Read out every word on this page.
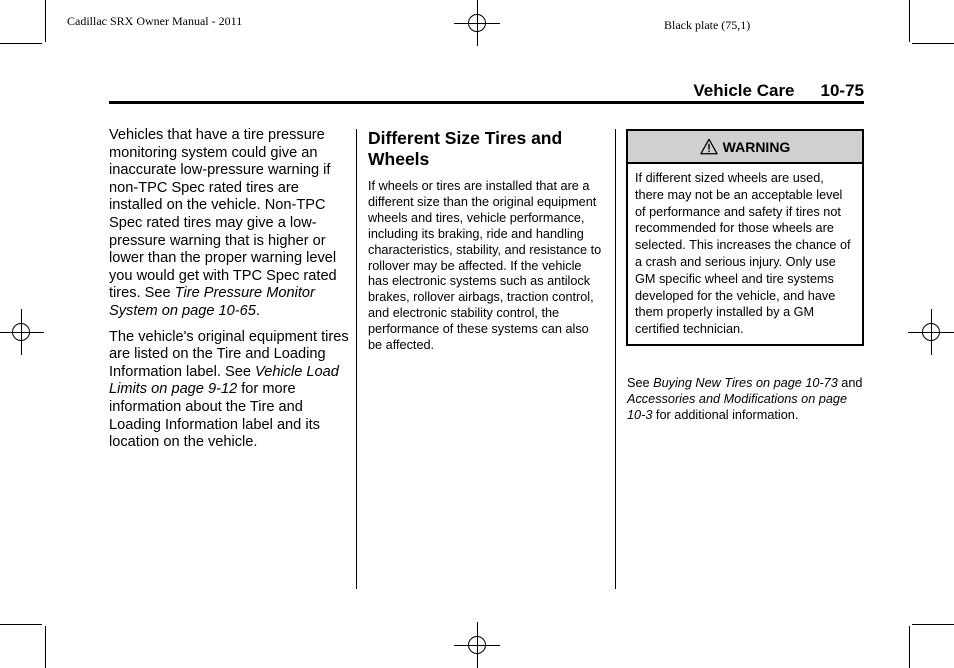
Cadillac SRX Owner Manual - 2011	Black plate (75,1)
Vehicle Care 10-75

Vehicles that have a tire pressure monitoring system could give an inaccurate low-pressure warning if non-TPC Spec rated tires are installed on the vehicle. Non-TPC Spec rated tires may give a low-pressure warning that is higher or lower than the proper warning level you would get with TPC Spec rated tires. See Tire Pressure Monitor System on page 10-65.

The vehicle's original equipment tires are listed on the Tire and Loading Information label. See Vehicle Load Limits on page 9-12 for more information about the Tire and Loading Information label and its location on the vehicle.

Different Size Tires and Wheels

If wheels or tires are installed that are a different size than the original equipment wheels and tires, vehicle performance, including its braking, ride and handling characteristics, stability, and resistance to rollover may be affected. If the vehicle has electronic systems such as antilock brakes, rollover airbags, traction control, and electronic stability control, the performance of these systems can also be affected.

WARNING
If different sized wheels are used, there may not be an acceptable level of performance and safety if tires not recommended for those wheels are selected. This increases the chance of a crash and serious injury. Only use GM specific wheel and tire systems developed for the vehicle, and have them properly installed by a GM certified technician.

See Buying New Tires on page 10-73 and Accessories and Modifications on page 10-3 for additional information.
